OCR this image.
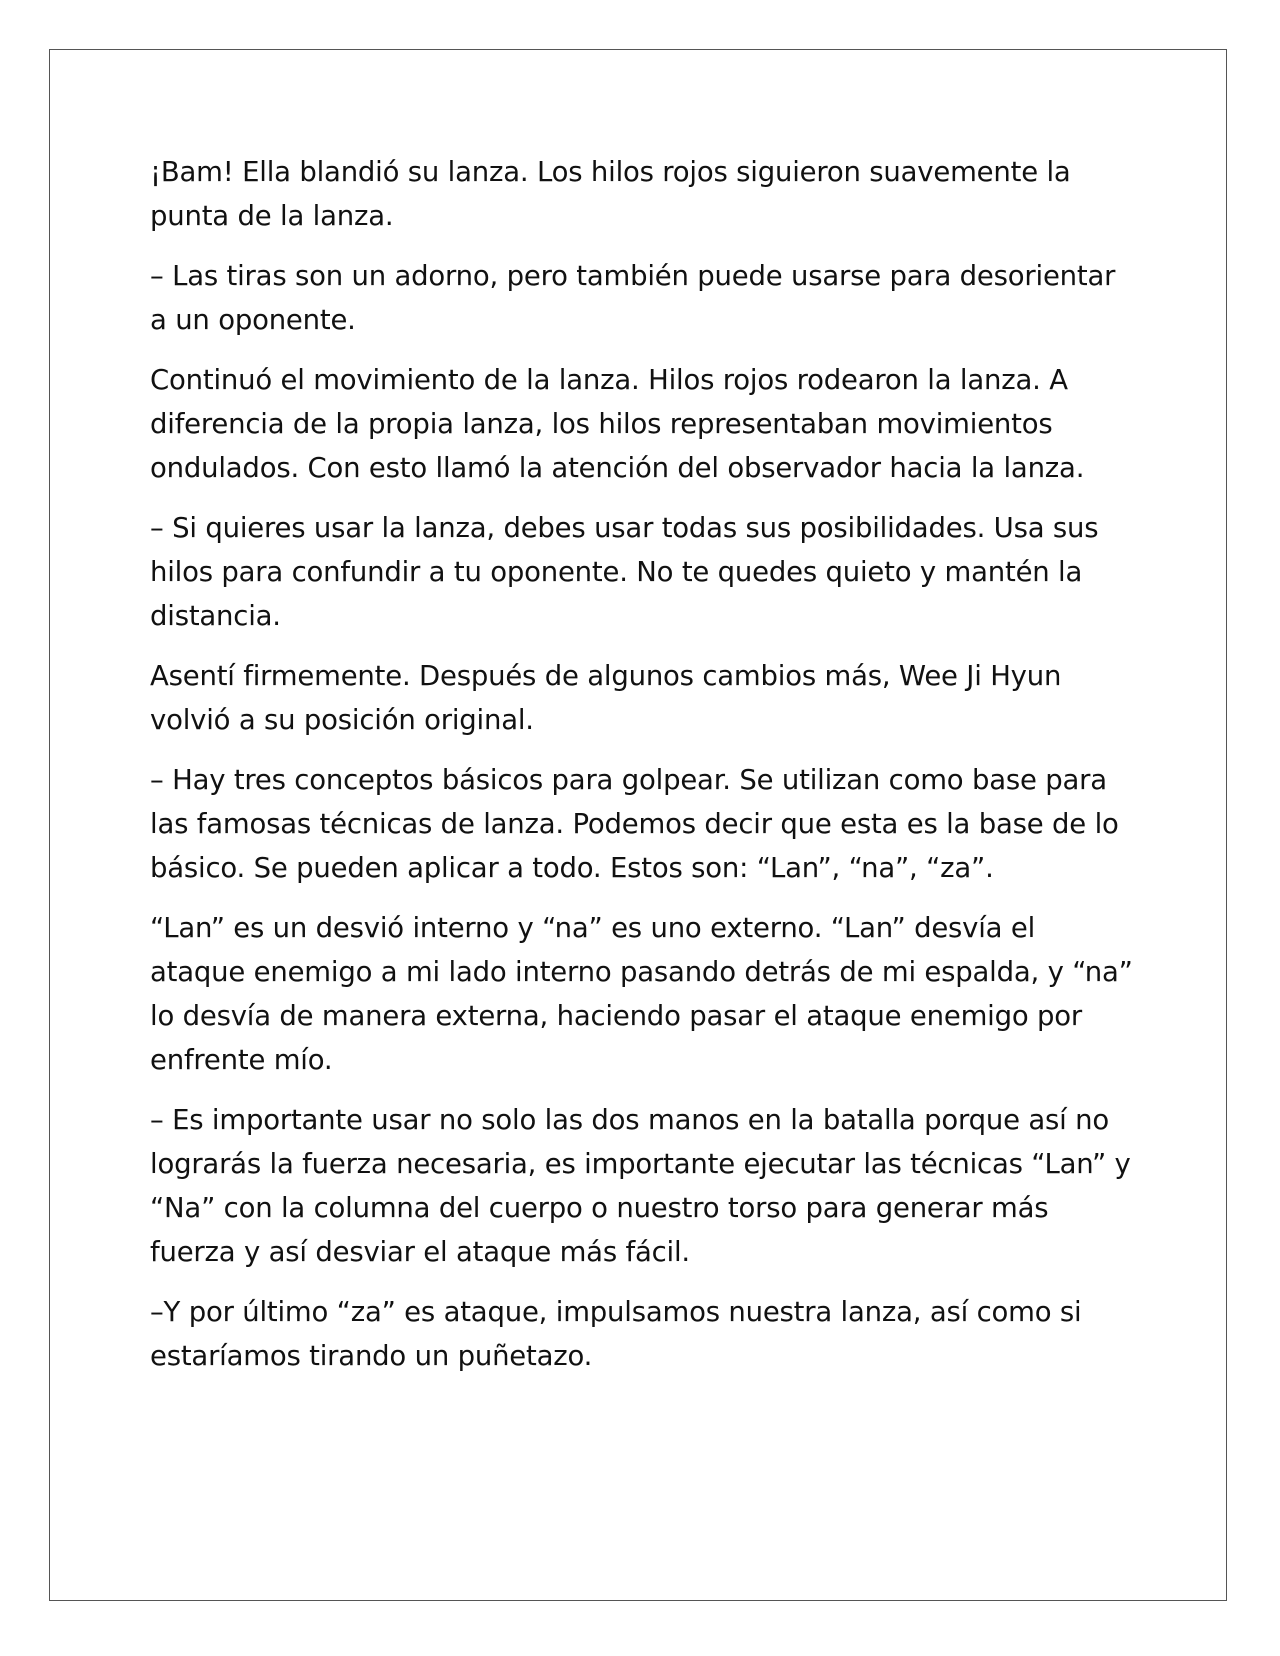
¡Bam! Ella blandió su lanza. Los hilos rojos siguieron suavemente la punta de la lanza.

– Las tiras son un adorno, pero también puede usarse para desorientar a un oponente.

Continuó el movimiento de la lanza. Hilos rojos rodearon la lanza. A diferencia de la propia lanza, los hilos representaban movimientos ondulados. Con esto llamó la atención del observador hacia la lanza.

– Si quieres usar la lanza, debes usar todas sus posibilidades. Usa sus hilos para confundir a tu oponente. No te quedes quieto y mantén la distancia.

Asentí firmemente. Después de algunos cambios más, Wee Ji Hyun volvió a su posición original.

– Hay tres conceptos básicos para golpear. Se utilizan como base para las famosas técnicas de lanza. Podemos decir que esta es la base de lo básico. Se pueden aplicar a todo. Estos son: “Lan”, “na”, “za”.

“Lan” es un desvió interno y “na” es uno externo. “Lan” desvía el ataque enemigo a mi lado interno pasando detrás de mi espalda, y “na” lo desvía de manera externa, haciendo pasar el ataque enemigo por enfrente mío.

– Es importante usar no solo las dos manos en la batalla porque así no lograrás la fuerza necesaria, es importante ejecutar las técnicas “Lan” y “Na” con la columna del cuerpo o nuestro torso para generar más fuerza y así desviar el ataque más fácil.

–Y por último “za” es ataque, impulsamos nuestra lanza, así como si estaríamos tirando un puñetazo.
